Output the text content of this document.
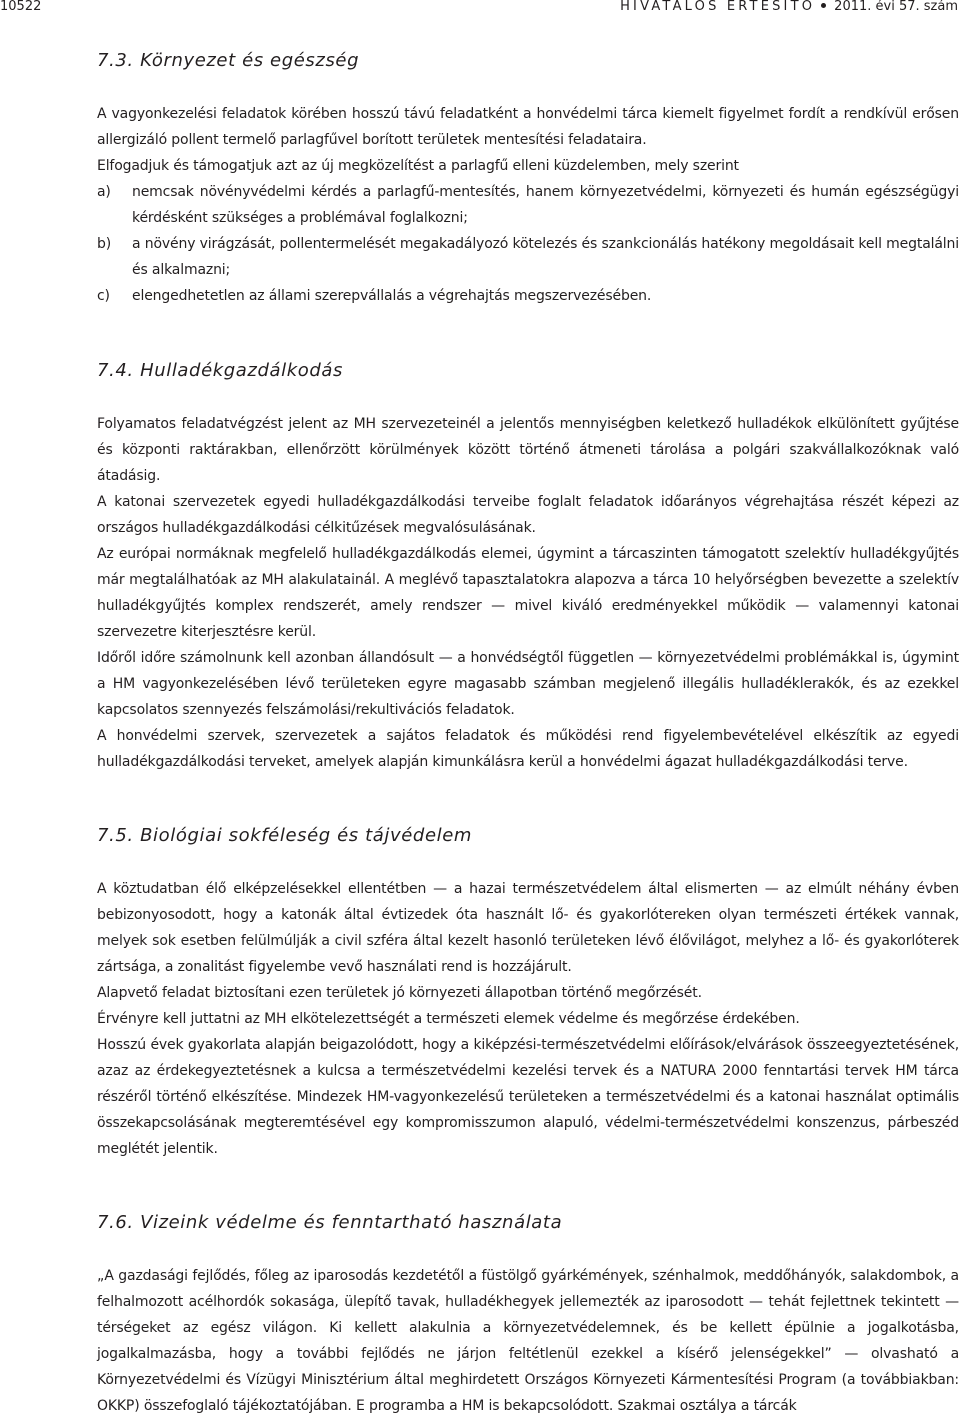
10522	HIVATALOS ÉRTESÍTŐ 2011. évi 57. szám
7.3. Környezet és egészség

A vagyonkezelési feladatok körében hosszú távú feladatként a honvédelmi tárca kiemelt figyelmet fordít a rendkívül erősen allergizáló pollent termelő parlagfűvel borított területek mentesítési feladataira.

Elfogadjuk és támogatjuk azt az új megközelítést a parlagfű elleni küzdelemben, mely szerint

a) nemcsak növényvédelmi kérdés a parlagfű-mentesítés, hanem környezetvédelmi, környezeti és humán egészségügyi kérdésként szükséges a problémával foglalkozni;
b) a növény virágzását, pollentermelését megakadályozó kötelezés és szankcionálás hatékony megoldásait kell megtalálni és alkalmazni;
c) elengedhetetlen az állami szerepvállalás a végrehajtás megszervezésében.
7.4. Hulladékgazdálkodás

Folyamatos feladatvégzést jelent az MH szervezeteinél a jelentős mennyiségben keletkező hulladékok elkülönített gyűjtése és központi raktárakban, ellenőrzött körülmények között történő átmeneti tárolása a polgári szakvállalkozóknak való átadásig.

A katonai szervezetek egyedi hulladékgazdálkodási terveibe foglalt feladatok időarányos végrehajtása részét képezi az országos hulladékgazdálkodási célkitűzések megvalósulásának.

Az európai normáknak megfelelő hulladékgazdálkodás elemei, úgymint a tárcaszinten támogatott szelektív hulladékgyűjtés már megtalálhatóak az MH alakulatainál. A meglévő tapasztalatokra alapozva a tárca 10 helyőrségben bevezette a szelektív hulladékgyűjtés komplex rendszerét, amely rendszer — mivel kiváló eredményekkel működik — valamennyi katonai szervezetre kiterjesztésre kerül.

Időről időre számolnunk kell azonban állandósult — a honvédségtől független — környezetvédelmi problémákkal is, úgymint a HM vagyonkezelésében lévő területeken egyre magasabb számban megjelenő illegális hulladéklerakók, és az ezekkel kapcsolatos szennyezés felszámolási/rekultivációs feladatok.

A honvédelmi szervek, szervezetek a sajátos feladatok és működési rend figyelembevételével elkészítik az egyedi hulladékgazdálkodási terveket, amelyek alapján kimunkálásra kerül a honvédelmi ágazat hulladékgazdálkodási terve.

7.5. Biológiai sokféleség és tájvédelem

A köztudatban élő elképzelésekkel ellentétben — a hazai természetvédelem által elismerten — az elmúlt néhány évben bebizonyosodott, hogy a katonák által évtizedek óta használt lő- és gyakorlótereken olyan természeti értékek vannak, melyek sok esetben felülmúlják a civil szféra által kezelt hasonló területeken lévő élővilágot, melyhez a lő- és gyakorlóterek zártsága, a zonalitást figyelembe vevő használati rend is hozzájárult.

Alapvető feladat biztosítani ezen területek jó környezeti állapotban történő megőrzését.

Érvényre kell juttatni az MH elkötelezettségét a természeti elemek védelme és megőrzése érdekében.

Hosszú évek gyakorlata alapján beigazolódott, hogy a kiképzési-természetvédelmi előírások/elvárások összeegyeztetésének, azaz az érdekegyeztetésnek a kulcsa a természetvédelmi kezelési tervek és a NATURA 2000 fenntartási tervek HM tárca részéről történő elkészítése. Mindezek HM-vagyonkezelésű területeken a természetvédelmi és a katonai használat optimális összekapcsolásának megteremtésével egy kompromisszumon alapuló, védelmi-természetvédelmi konszenzus, párbeszéd meglétét jelentik.

7.6. Vizeink védelme és fenntartható használata

„A gazdasági fejlődés, főleg az iparosodás kezdetétől a füstölgő gyárkémények, szénhalmok, meddőhányók, salakdombok, a felhalmozott acélhordók sokasága, ülepítő tavak, hulladékhegyek jellemezték az iparosodott — tehát fejlettnek tekintett — térségeket az egész világon. Ki kellett alakulnia a környezetvédelemnek, és be kellett épülnie a jogalkotásba, jogalkalmazásba, hogy a további fejlődés ne járjon feltétlenül ezekkel a kísérő jelenségekkel” — olvasható a Környezetvédelmi és Vízügyi Minisztérium által meghirdetett Országos Környezeti Kármentesítési Program (a továbbiakban: OKKP) összefoglaló tájékoztatójában. E programba a HM is bekapcsolódott. Szakmai osztálya a tárcák
